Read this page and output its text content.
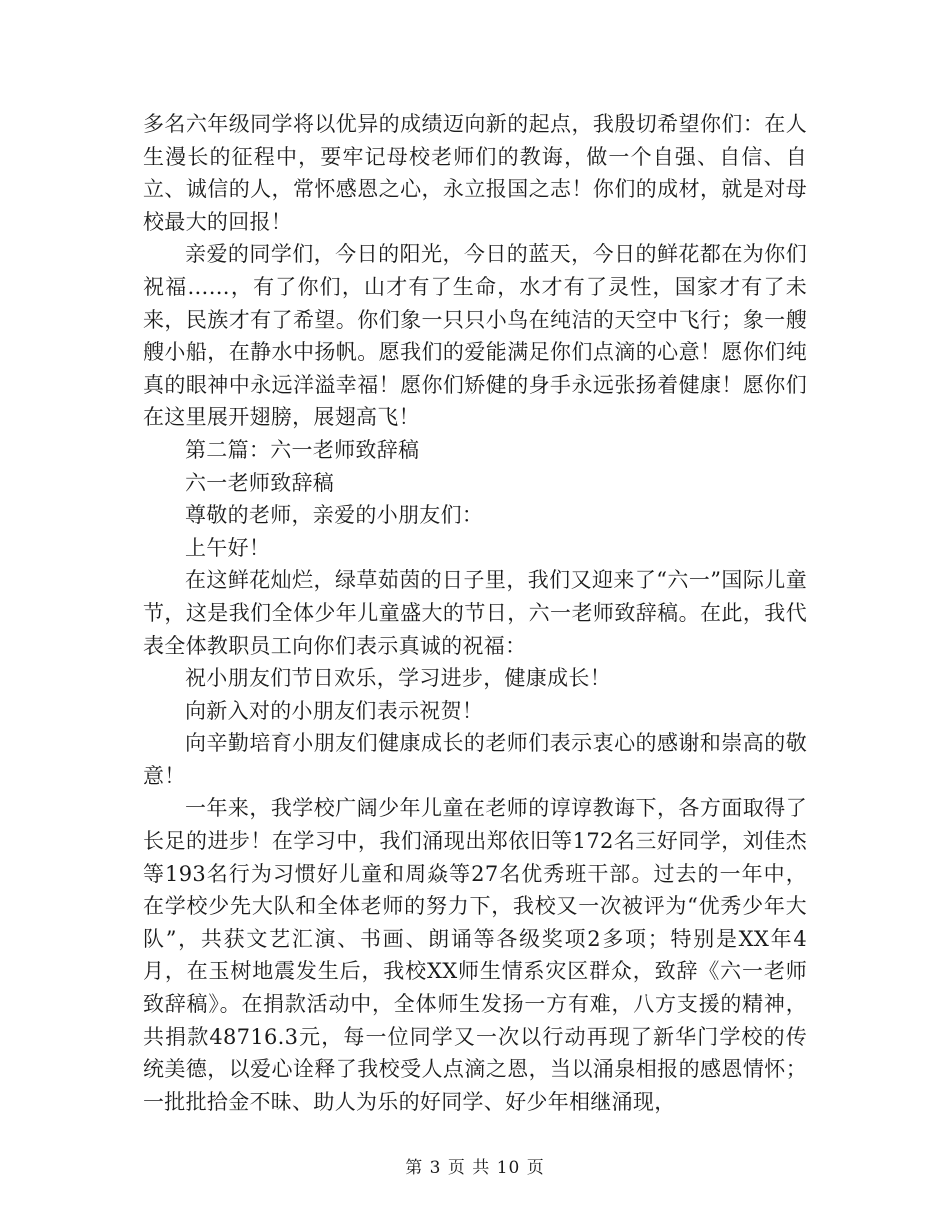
多名六年级同学将以优异的成绩迈向新的起点，我殷切希望你们：在人生漫长的征程中，要牢记母校老师们的教诲，做一个自强、自信、自立、诚信的人，常怀感恩之心，永立报国之志！你们的成材，就是对母校最大的回报！

亲爱的同学们，今日的阳光，今日的蓝天，今日的鲜花都在为你们祝福……，有了你们，山才有了生命，水才有了灵性，国家才有了未来，民族才有了希望。你们象一只只小鸟在纯洁的天空中飞行；象一艘艘小船，在静水中扬帆。愿我们的爱能满足你们点滴的心意！愿你们纯真的眼神中永远洋溢幸福！愿你们矫健的身手永远张扬着健康！愿你们在这里展开翅膀，展翅高飞！

第二篇：六一老师致辞稿

六一老师致辞稿

尊敬的老师，亲爱的小朋友们：

上午好！

在这鲜花灿烂，绿草茹茵的日子里，我们又迎来了“六一”国际儿童节，这是我们全体少年儿童盛大的节日，六一老师致辞稿。在此，我代表全体教职员工向你们表示真诚的祝福：

祝小朋友们节日欢乐，学习进步，健康成长！

向新入对的小朋友们表示祝贺！

向辛勤培育小朋友们健康成长的老师们表示衷心的感谢和崇高的敬意！

一年来，我学校广阔少年儿童在老师的谆谆教诲下，各方面取得了长足的进步！在学习中，我们涌现出郑依旧等172名三好同学，刘佳杰等193名行为习惯好儿童和周焱等27名优秀班干部。过去的一年中，在学校少先大队和全体老师的努力下，我校又一次被评为“优秀少年大队”，共获文艺汇演、书画、朗诵等各级奖项2多项；特别是XX年4月，在玉树地震发生后，我校XX师生情系灾区群众，致辞《六一老师致辞稿》。在捐款活动中，全体师生发扬一方有难，八方支援的精神，共捐款48716.3元，每一位同学又一次以行动再现了新华门学校的传统美德，以爱心诠释了我校受人点滴之恩，当以涌泉相报的感恩情怀；一批批拾金不昧、助人为乐的好同学、好少年相继涌现，

第 3 页 共 10 页
